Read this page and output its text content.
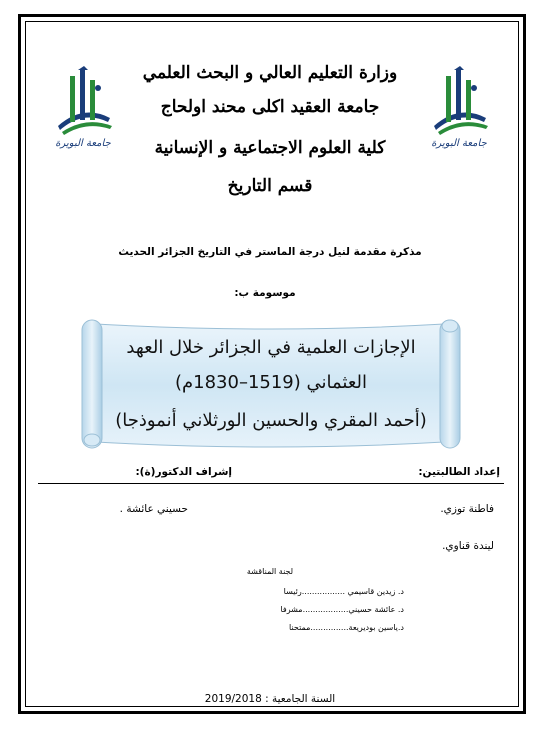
جامعة البويرة	جامعة البويرة
وزارة التعليم العالي و البحث العلمي
جامعة العقيد اكلى محند اولحاج
كلية العلوم الاجتماعية و الإنسانية
قسم التاريخ
مذكرة مقدمة لنيل درجة الماستر في التاريخ الجزائر الحديث
موسومة ب:
الإجازات العلمية في الجزائر خلال العهد
العثماني (1519–1830م)
(أحمد المقري والحسين الورثلاني أنموذجا)
إعداد الطالبتين:
إشراف الدكتور(ة):
فاطنة توزي.
ليندة قناوي.
حسيني عائشة .
لجنة المناقشة
د. زيدين قاسيمي .................رئيسا
د. عائشة حسيني..................مشرفا
د.ياسين بوديريعة...............ممتحنا
السنة الجامعية : 2019/2018
